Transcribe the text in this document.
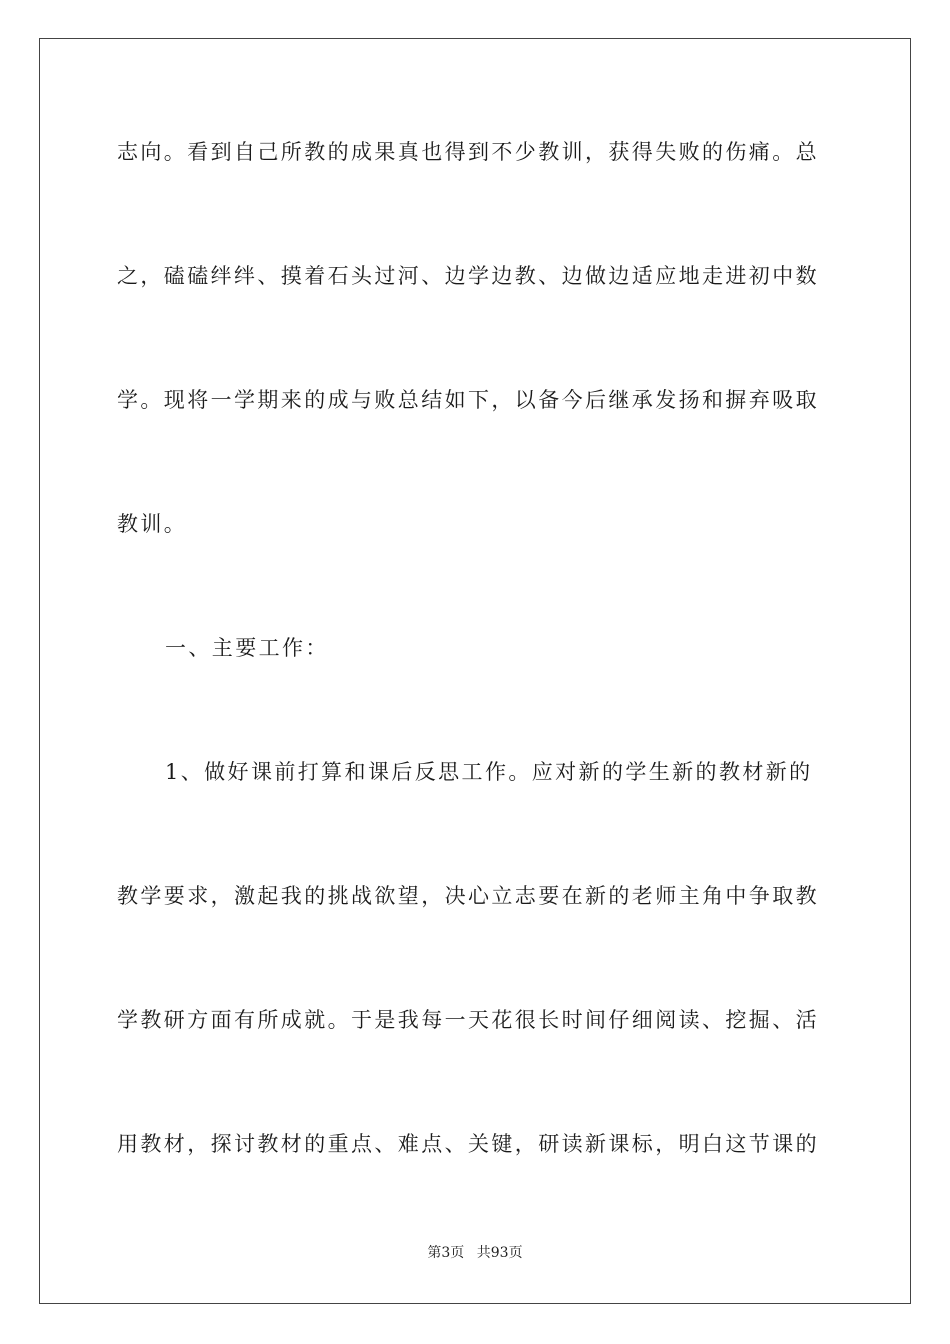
志向。看到自己所教的成果真也得到不少教训，获得失败的伤痛。总
之，磕磕绊绊、摸着石头过河、边学边教、边做边适应地走进初中数
学。现将一学期来的成与败总结如下，以备今后继承发扬和摒弃吸取
教训。
一、主要工作：
1、做好课前打算和课后反思工作。应对新的学生新的教材新的
教学要求，激起我的挑战欲望，决心立志要在新的老师主角中争取教
学教研方面有所成就。于是我每一天花很长时间仔细阅读、挖掘、活
用教材，探讨教材的重点、难点、关键，研读新课标，明白这节课的
第3页 共93页
